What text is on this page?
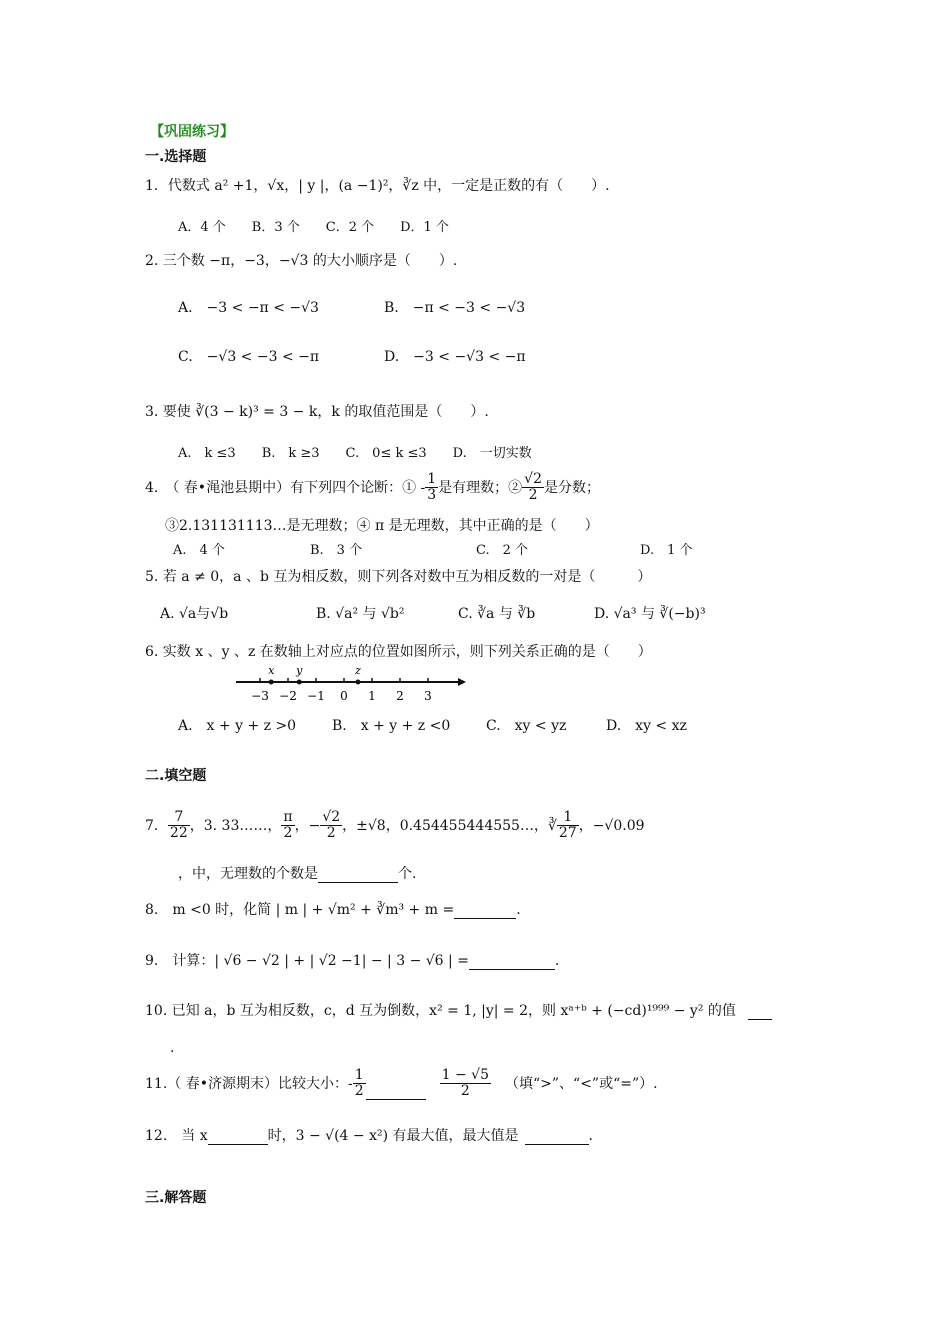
【巩固练习】
一.选择题
1．代数式 a² +1，√x，| y |，(a −1)²，∛z 中，一定是正数的有（　　）.
A．4 个　　B．3 个　　C．2 个　　D．1 个
2. 三个数 −π，−3，−√3 的大小顺序是（　　）.
A.　−3 < −π < −√3	B.　−π < −3 < −√3
C.　−√3 < −3 < −π	D.　−3 < −√3 < −π
3. 要使 ∛(3 − k)³ = 3 − k，k 的取值范围是（　　）.
A.　k ≤3　　B.　k ≥3　　C.　0≤ k ≤3　　D.　一切实数
4.　（ 春•渑池县期中）有下列四个论断：① - $\frac{1}{3}$ 是有理数；② $\frac{√2}{2}$ 是分数；
③2.131131113…是无理数；④ π 是无理数，其中正确的是（　　）
A.　4 个	B.　3 个	C.　2 个	D.　1 个
5. 若 a ≠ 0，a 、b 互为相反数，则下列各对数中互为相反数的一对是（　　　）
A. √a与√b	B. √a² 与 √b²	C. ∛a 与 ∛b	D. √a³ 与 ∛(−b)³
6. 实数 x 、y 、z 在数轴上对应点的位置如图所示，则下列关系正确的是（　　）
−3 −2 −1 0 1 2 3
x y	z
A.　x + y + z >0	B.　x + y + z <0	C.　xy < yz	D.　xy < xz
二.填空题
7． $\frac{7}{22}$ ，3. 33……， $\frac{\pi}{2}$ ，− $\frac{√2}{2}$ ，±√8，0.454455444555…，∛ $\frac{1}{27}$ ，−√0.09
，中，无理数的个数是	个.
8.　m <0 时，化简 | m | + √m² + ∛m³ + m =	.
9.　计算：| √6 − √2 | + | √2 −1| − | 3 − √6 | =	.
10. 已知 a，b 互为相反数，c，d 互为倒数，x² = 1, |y| = 2，则 xᵃ⁺ᵇ + (−cd)¹⁹⁹⁹ − y² 的值
.
11.（ 春•济源期末）比较大小：- $\frac{1}{2}$	$\frac{1 - √5}{2}$ （填“>”、“<”或“=”）.
12.　当 x	时，3 − √(4 − x²) 有最大值，最大值是	.
三.解答题
